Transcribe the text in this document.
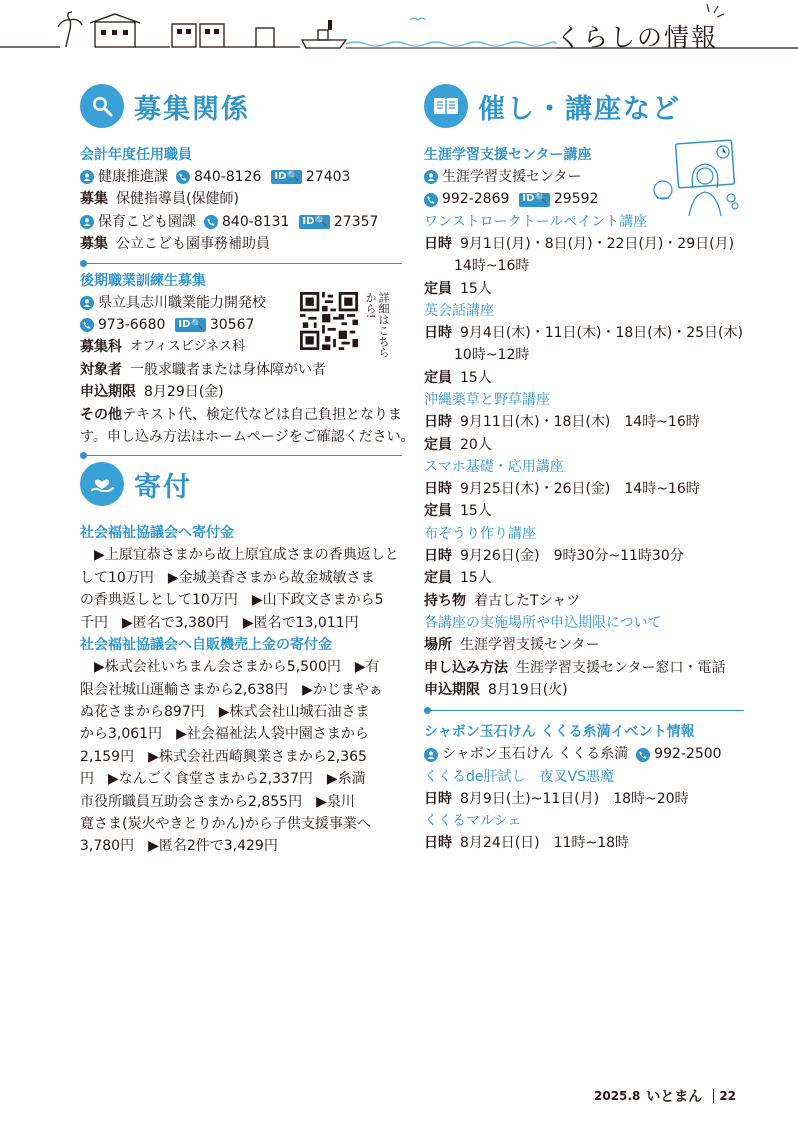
くらしの情報
募集関係
会計年度任用職員
健康推進課 840-8126 ID 🔍 27403
募集 保健指導員(保健師)
保育こども園課 840-8131 ID 🔍 27357
募集 公立こども園事務補助員
後期職業訓練生募集
県立具志川職業能力開発校
973-6680 ID 🔍 30567
募集科 オフィスビジネス科	詳細はこちらから!
対象者 一般求職者または身体障がい者
申込期限 8月29日(金)
その他 テキスト代、検定代などは自己負担となりま
す。申し込み方法はホームページをご確認ください。
寄付
社会福祉協議会へ寄付金
▶上原宜恭さまから故上原宜成さまの香典返しと
して10万円　▶金城美香さまから故金城敏さま
の香典返しとして10万円　▶山下政文さまから5
千円　▶匿名で3,380円　▶匿名で13,011円
社会福祉協議会へ自販機売上金の寄付金
▶株式会社いちまん会さまから5,500円　▶有
限会社城山運輸さまから2,638円　▶かじまやぁ
ぬ花さまから897円　▶株式会社山城石油さま
から3,061円　▶社会福祉法人袋中園さまから
2,159円　▶株式会社西崎興業さまから2,365
円　▶なんごく食堂さまから2,337円　▶糸満
市役所職員互助会さまから2,855円　▶泉川
寛さま(炭火やきとりかん)から子供支援事業へ
3,780円　▶匿名2件で3,429円
催し・講座など
生涯学習支援センター講座
生涯学習支援センター
992-2869 ID 🔍 29592
ワンストロークトールペイント講座
日時 9月1日(月)・8日(月)・22日(月)・29日(月)
14時~16時
定員 15人
英会話講座
日時 9月4日(木)・11日(木)・18日(木)・25日(木)
10時~12時
定員 15人
沖縄薬草と野草講座
日時 9月11日(木)・18日(木)　14時~16時
定員 20人
スマホ基礎・応用講座
日時 9月25日(木)・26日(金)　14時~16時
定員 15人
布ぞうり作り講座
日時 9月26日(金)　9時30分~11時30分
定員 15人
持ち物 着古したTシャツ
各講座の実施場所や申込期限について
場所 生涯学習支援センター
申し込み方法 生涯学習支援センター窓口・電話
申込期限 8月19日(火)
シャボン玉石けん くくる糸満イベント情報
シャボン玉石けん くくる糸満 992-2500
くくるde肝試し　夜叉VS悪魔
日時 8月9日(土)~11日(月)　18時~20時
くくるマルシェ
日時 8月24日(日)　11時~18時
2025.8 いとまん 22
